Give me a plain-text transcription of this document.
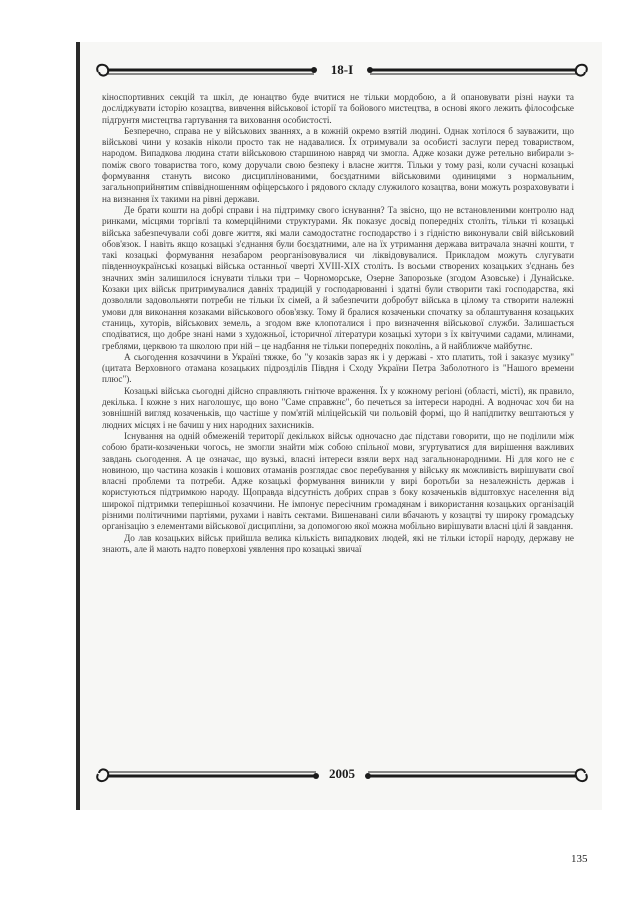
18-I

кіноспортивних секцій та шкіл, де юнацтво буде вчитися не тільки мордобою, а й опановувати різні науки та досліджувати історію козацтва, вивчення військової історії та бойового мистецтва, в основі якого лежить філософське підґрунтя мистецтва гартування та виховання особистості.

Безперечно, справа не у військових званнях, а в кожній окремо взятій людині. Однак хотілося б зауважити, що військові чини у козаків ніколи просто так не надавалися. Їх отримували за особисті заслуги перед товариством, народом. Випадкова людина стати військовою старшиною навряд чи змогла. Адже козаки дуже ретельно вибирали з-поміж свого товариства того, кому доручали свою безпеку і власне життя. Тільки у тому разі, коли сучасні козацькі формування стануть високо дисциплінованими, боєздатними військовими одиницями з нормальним, загальноприйнятим співвідношенням офіцерського і рядового складу служилого козацтва, вони можуть розраховувати і на визнання їх такими на рівні держави.

Де брати кошти на добрі справи і на підтримку свого існування? Та звісно, що не встановленими контролю над ринками, місцями торгівлі та комерційними структурами. Як показує досвід попередніх століть, тільки ті козацькі війська забезпечували собі довге життя, які мали самодостатнє господарство і з гідністю виконували свій військовий обов'язок. І навіть якщо козацькі з'єднання були боєздатними, але на їх утримання держава витрачала значні кошти, т такі козацькі формування незабаром реорганізовувалися чи ліквідовувалися. Прикладом можуть слугувати південноукраїнські козацькі війська останньої чверті XVIII-XIX століть. Із восьми створених козацьких з'єднань без значних змін залишилося існувати тільки три – Чорноморське, Озерне Запорозьке (згодом Азовське) і Дунайське. Козаки цих військ притримувалися давніх традицій у господарюванні і здатні були створити такі господарства, які дозволяли задовольняти потреби не тільки їх сімей, а й забезпечити добробут війська в цілому та створити належні умови для виконання козаками військового обов'язку. Тому й бралися козаченьки спочатку за облаштування козацьких станиць, хуторів, військових земель, а згодом вже клопоталися і про визначення військової служби. Залишається сподіватися, що добре знані нами з художньої, історичної літератури козацькі хутори з їх квітучими садами, млинами, греблями, церквою та школою при ній – це надбання не тільки попередніх поколінь, а й найближче майбутнє.

А сьогодення козаччини в Україні тяжке, бо "у козаків зараз як і у державі - хто платить, той і заказує музику" (цитата Верховного отамана козацьких підрозділів Півдня і Сходу України Петра Заболотного із "Нашого времени плюс").

Козацькі війська сьогодні дійсно справляють гнітюче враження. Їх у кожному регіоні (області, місті), як правило, декілька. І кожне з них наголошує, що воно "Саме справжнє", бо печеться за інтереси народні. А водночас хоч би на зовнішній вигляд козаченьків, що частіше у пом'ятій міліцейській чи польовій формі, що й напідпитку вештаються у людних місцях і не бачиш у них народних захисників.

Існування на одній обмеженій території декількох військ одночасно дає підстави говорити, що не поділили між собою брати-козаченьки чогось, не змогли знайти між собою спільної мови, згуртуватися для вирішення важливих завдань сьогодення. А це означає, що вузькі, власні інтереси взяли верх над загальнонародними. Ні для кого не є новиною, що частина козаків і кошових отаманів розглядає своє перебування у війську як можливість вирішувати свої власні проблеми та потреби. Адже козацькі формування виникли у вирі боротьби за незалежність держав і користуються підтримкою народу. Щоправда відсутність добрих справ з боку козаченьків відштовхує населення від широкої підтримки теперішньої козаччини. Не імпонує пересічним громадянам і використання козацьких організацій різними політичними партіями, рухами і навіть сектами. Вишенавані сили вбачають у козацтві ту широку громадську організацію з елементами військової дисципліни, за допомогою якої можна мобільно вирішувати власні цілі й завдання.

До лав козацьких військ прийшла велика кількість випадкових людей, які не тільки історії народу, державу не знають, але й мають надто поверхові уявлення про козацькі звичаї

2005
135
